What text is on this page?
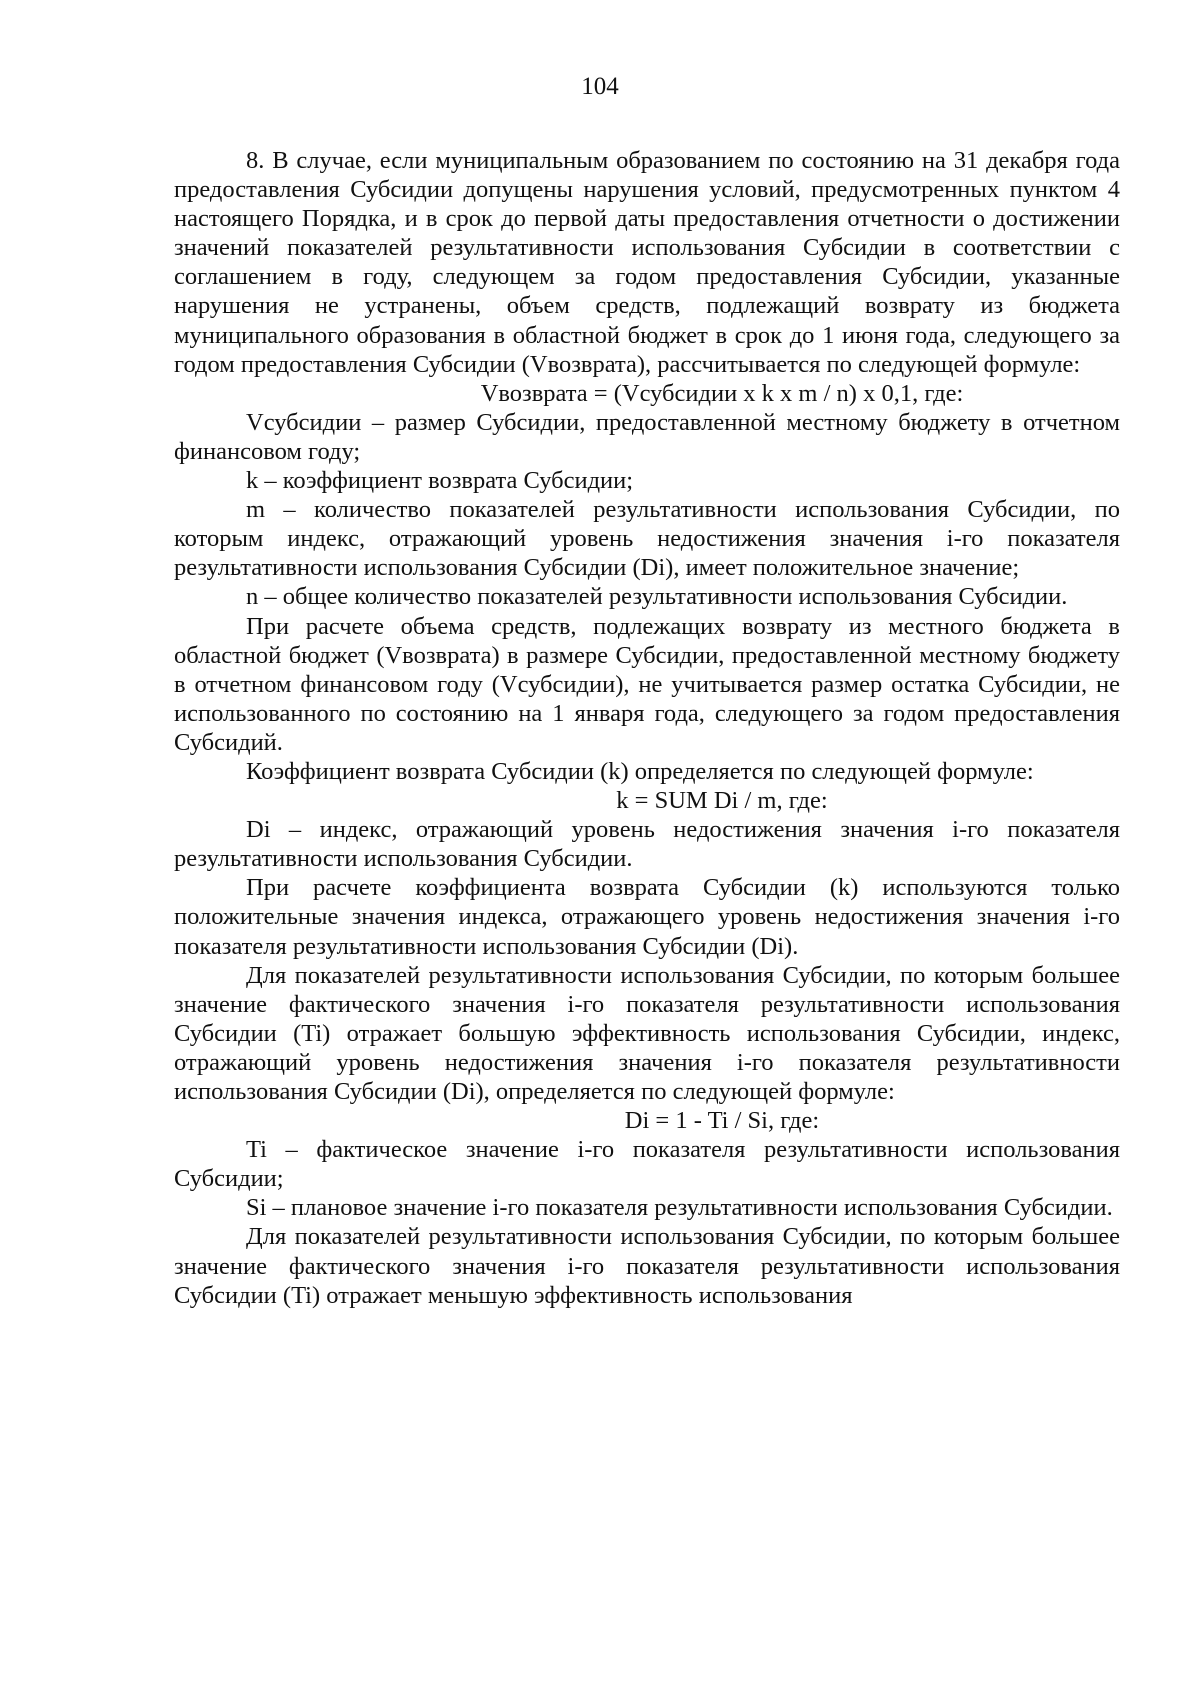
104

8. В случае, если муниципальным образованием по состоянию на 31 декабря года предоставления Субсидии допущены нарушения условий, предусмотренных пунктом 4 настоящего Порядка, и в срок до первой даты предоставления отчетности о достижении значений показателей результативности использования Субсидии в соответствии с соглашением в году, следующем за годом предоставления Субсидии, указанные нарушения не устранены, объем средств, подлежащий возврату из бюджета муниципального образования в областной бюджет в срок до 1 июня года, следующего за годом предоставления Субсидии (Vвозврата), рассчитывается по следующей формуле:

Vвозврата = (Vсубсидии x k x m / n) x 0,1, где:

Vсубсидии – размер Субсидии, предоставленной местному бюджету в отчетном финансовом году;

k – коэффициент возврата Субсидии;

m – количество показателей результативности использования Субсидии, по которым индекс, отражающий уровень недостижения значения i-го показателя результативности использования Субсидии (Di), имеет положительное значение;

n – общее количество показателей результативности использования Субсидии.

При расчете объема средств, подлежащих возврату из местного бюджета в областной бюджет (Vвозврата) в размере Субсидии, предоставленной местному бюджету в отчетном финансовом году (Vсубсидии), не учитывается размер остатка Субсидии, не использованного по состоянию на 1 января года, следующего за годом предоставления Субсидий.

Коэффициент возврата Субсидии (k) определяется по следующей формуле:

k = SUM Di / m, где:

Di – индекс, отражающий уровень недостижения значения i-го показателя результативности использования Субсидии.

При расчете коэффициента возврата Субсидии (k) используются только положительные значения индекса, отражающего уровень недостижения значения i-го показателя результативности использования Субсидии (Di).

Для показателей результативности использования Субсидии, по которым большее значение фактического значения i-го показателя результативности использования Субсидии (Ti) отражает большую эффективность использования Субсидии, индекс, отражающий уровень недостижения значения i-го показателя результативности использования Субсидии (Di), определяется по следующей формуле:

Di = 1 - Ti / Si, где:

Ti – фактическое значение i-го показателя результативности использования Субсидии;

Si – плановое значение i-го показателя результативности использования Субсидии.

Для показателей результативности использования Субсидии, по которым большее значение фактического значения i-го показателя результативности использования Субсидии (Ti) отражает меньшую эффективность использования
